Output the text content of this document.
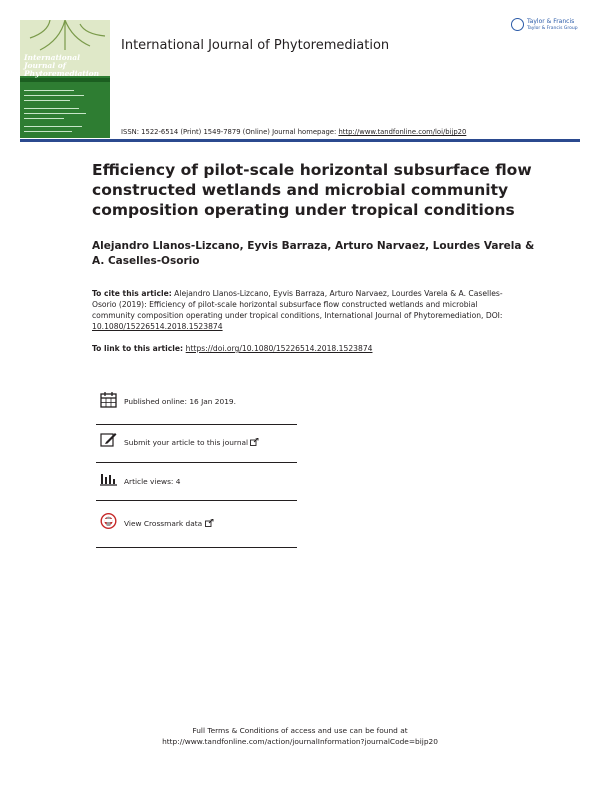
International
Journal of
Phytoremediation
International Journal of Phytoremediation
Taylor & Francis
Taylor & Francis Group
ISSN: 1522-6514 (Print) 1549-7879 (Online) Journal homepage: http://www.tandfonline.com/loi/bijp20
Efficiency of pilot-scale horizontal subsurface flow constructed wetlands and microbial community composition operating under tropical conditions
Alejandro Llanos-Lizcano, Eyvis Barraza, Arturo Narvaez, Lourdes Varela & A. Caselles-Osorio
To cite this article: Alejandro Llanos-Lizcano, Eyvis Barraza, Arturo Narvaez, Lourdes Varela & A. Caselles-Osorio (2019): Efficiency of pilot-scale horizontal subsurface flow constructed wetlands and microbial community composition operating under tropical conditions, International Journal of Phytoremediation, DOI: 10.1080/15226514.2018.1523874
To link to this article: https://doi.org/10.1080/15226514.2018.1523874
Published online: 16 Jan 2019.
Submit your article to this journal
Article views: 4
View Crossmark data
Full Terms & Conditions of access and use can be found at
http://www.tandfonline.com/action/journalInformation?journalCode=bijp20
